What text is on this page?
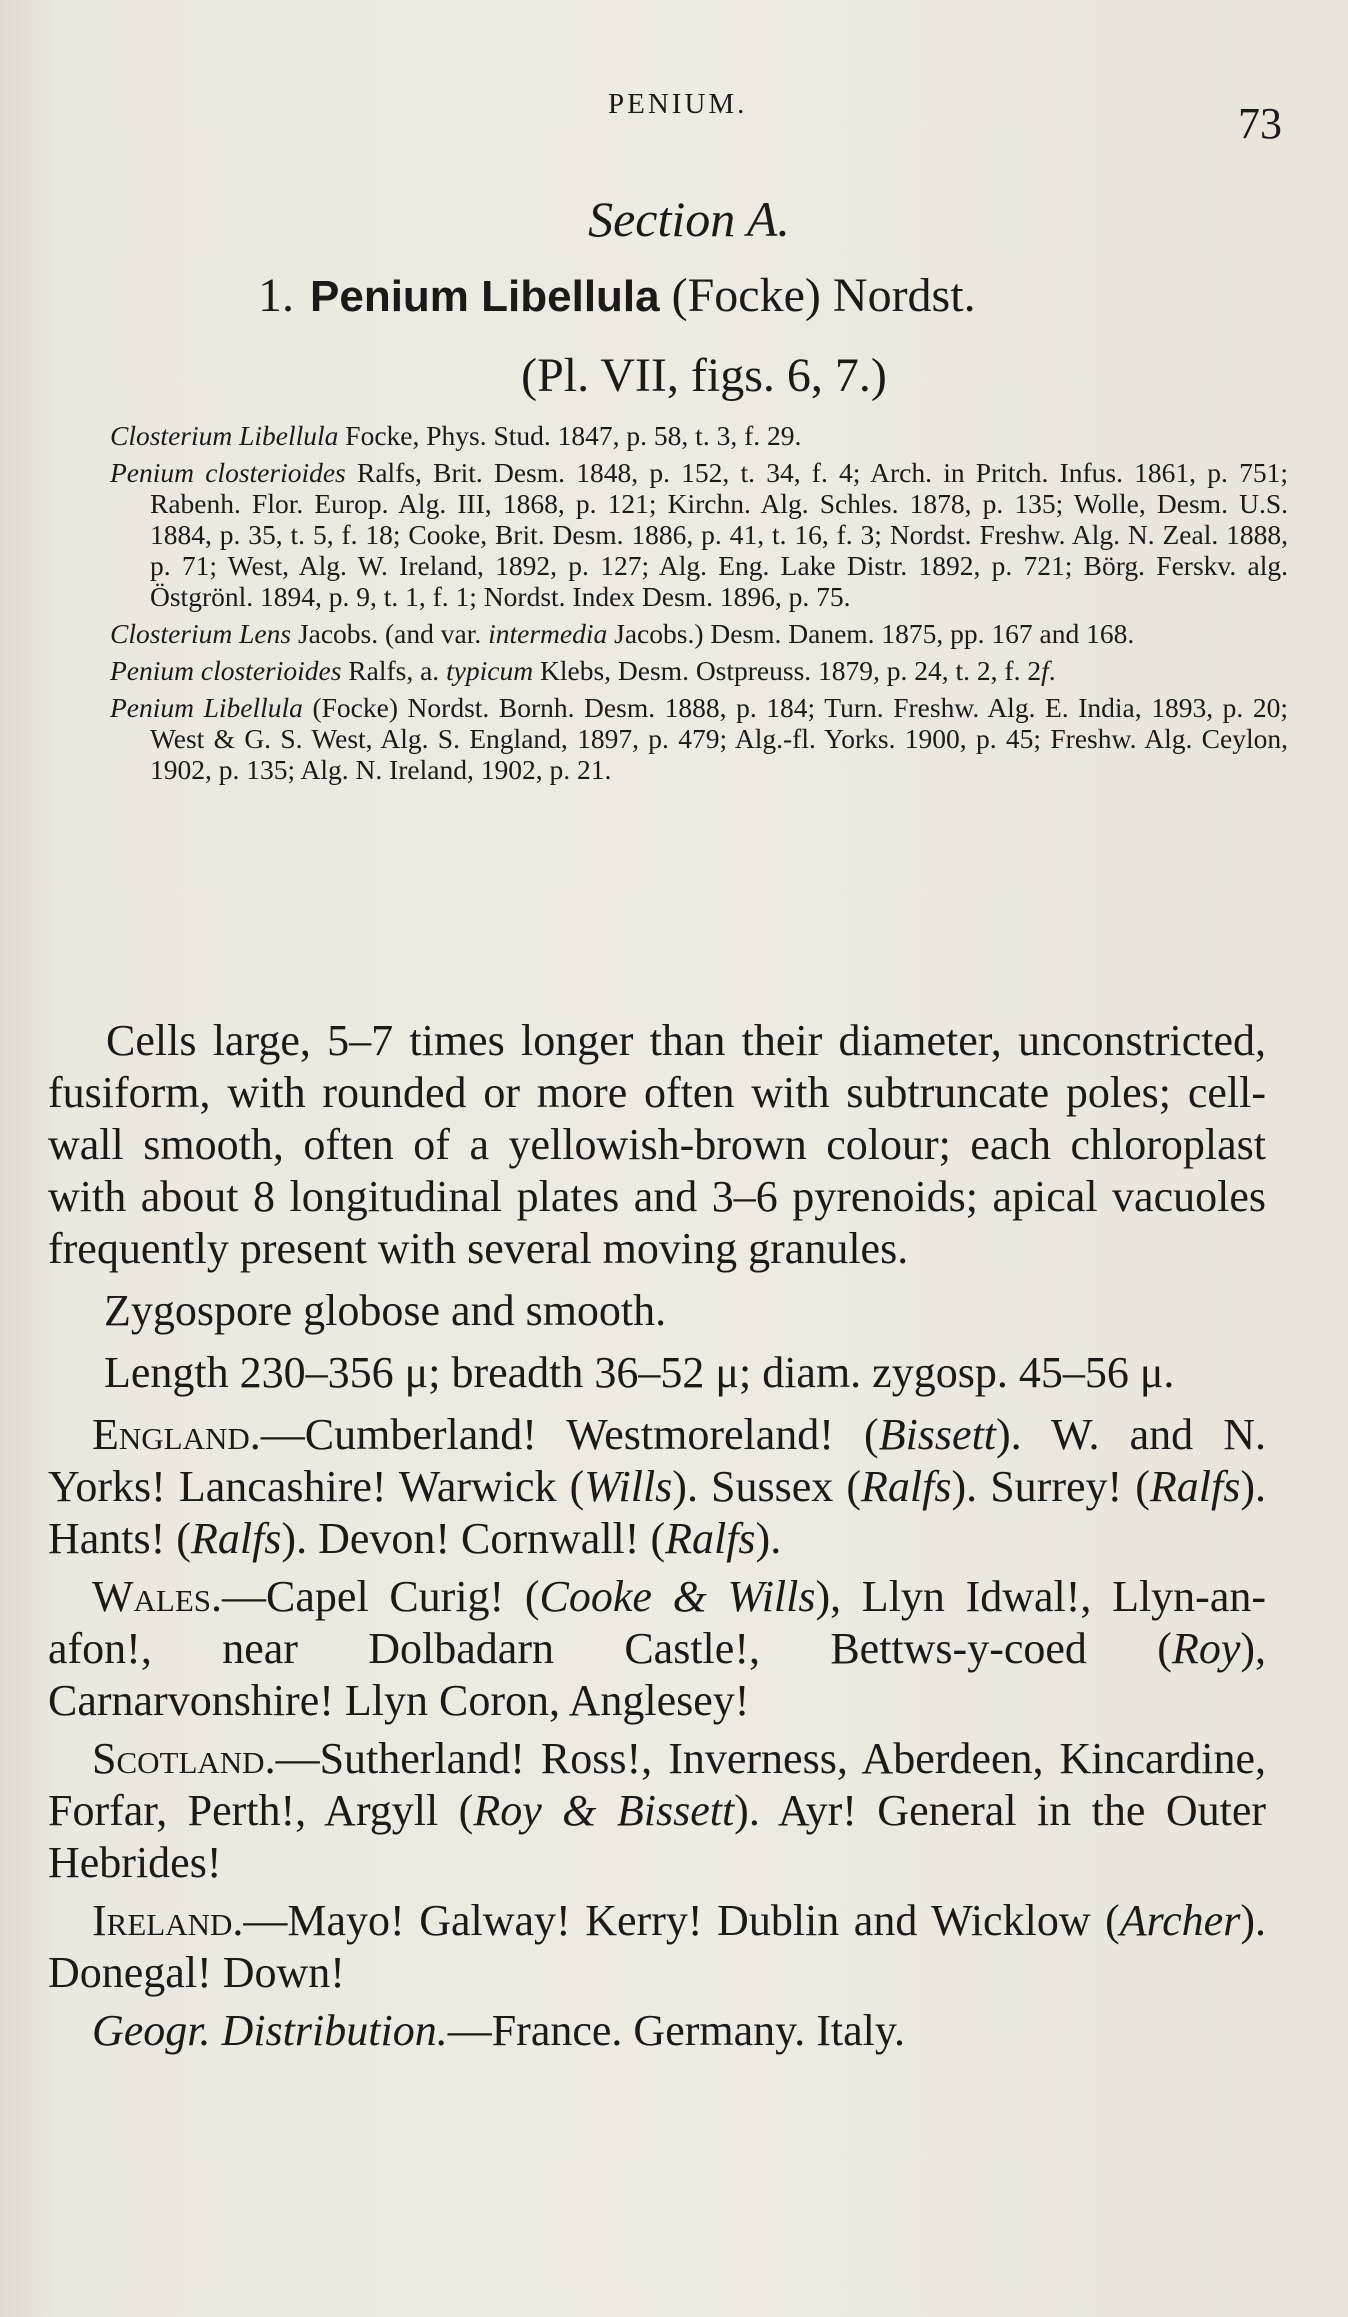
PENIUM.	73
Section A.
1. Penium Libellula (Focke) Nordst.
(Pl. VII, figs. 6, 7.)

Closterium Libellula Focke, Phys. Stud. 1847, p. 58, t. 3, f. 29.

Penium closterioides Ralfs, Brit. Desm. 1848, p. 152, t. 34, f. 4; Arch. in Pritch. Infus. 1861, p. 751; Rabenh. Flor. Europ. Alg. III, 1868, p. 121; Kirchn. Alg. Schles. 1878, p. 135; Wolle, Desm. U.S. 1884, p. 35, t. 5, f. 18; Cooke, Brit. Desm. 1886, p. 41, t. 16, f. 3; Nordst. Freshw. Alg. N. Zeal. 1888, p. 71; West, Alg. W. Ireland, 1892, p. 127; Alg. Eng. Lake Distr. 1892, p. 721; Börg. Ferskv. alg. Östgrönl. 1894, p. 9, t. 1, f. 1; Nordst. Index Desm. 1896, p. 75.

Closterium Lens Jacobs. (and var. intermedia Jacobs.) Desm. Danem. 1875, pp. 167 and 168.

Penium closterioides Ralfs, a. typicum Klebs, Desm. Ostpreuss. 1879, p. 24, t. 2, f. 2f.

Penium Libellula (Focke) Nordst. Bornh. Desm. 1888, p. 184; Turn. Freshw. Alg. E. India, 1893, p. 20; West & G. S. West, Alg. S. England, 1897, p. 479; Alg.-fl. Yorks. 1900, p. 45; Freshw. Alg. Ceylon, 1902, p. 135; Alg. N. Ireland, 1902, p. 21.

Cells large, 5–7 times longer than their diameter, unconstricted, fusiform, with rounded or more often with subtruncate poles; cell-wall smooth, often of a yellowish-brown colour; each chloroplast with about 8 longitudinal plates and 3–6 pyrenoids; apical vacuoles frequently present with several moving granules.

Zygospore globose and smooth.

Length 230–356 μ; breadth 36–52 μ; diam. zygosp. 45–56 μ.

England.—Cumberland! Westmoreland! (Bissett). W. and N. Yorks! Lancashire! Warwick (Wills). Sussex (Ralfs). Surrey! (Ralfs). Hants! (Ralfs). Devon! Cornwall! (Ralfs).

Wales.—Capel Curig! (Cooke & Wills), Llyn Idwal!, Llyn-an-afon!, near Dolbadarn Castle!, Bettws-y-coed (Roy), Carnarvonshire! Llyn Coron, Anglesey!

Scotland.—Sutherland! Ross!, Inverness, Aberdeen, Kincardine, Forfar, Perth!, Argyll (Roy & Bissett). Ayr! General in the Outer Hebrides!

Ireland.—Mayo! Galway! Kerry! Dublin and Wicklow (Archer). Donegal! Down!

Geogr. Distribution.—France. Germany. Italy.
